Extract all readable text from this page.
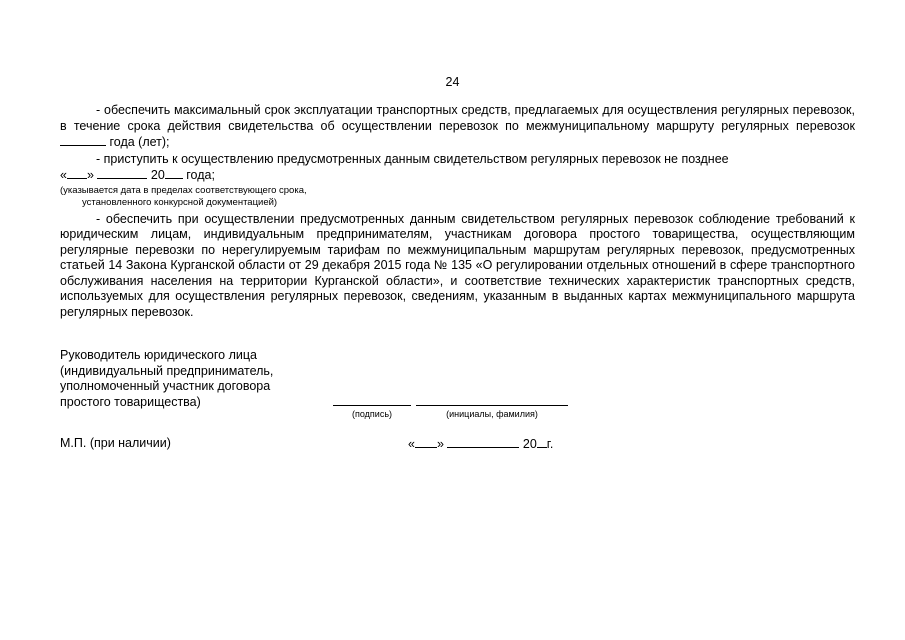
24

- обеспечить максимальный срок эксплуатации транспортных средств, предлагаемых для осуществления регулярных перевозок, в течение срока действия свидетельства об осуществлении перевозок по межмуниципальному маршруту регулярных перевозок  года (лет);

- приступить к осуществлению предусмотренных данным свидетельством регулярных перевозок не позднее

« »	20 года;
(указывается дата в пределах соответствующего срока,
установленного конкурсной документацией)

- обеспечить при осуществлении предусмотренных данным свидетельством регулярных перевозок соблюдение требований к юридическим лицам, индивидуальным предпринимателям, участникам договора простого товарищества, осуществляющим регулярные перевозки по нерегулируемым тарифам по межмуниципальным маршрутам регулярных перевозок, предусмотренных статьей 14 Закона Курганской области от 29 декабря 2015 года № 135 «О регулировании отдельных отношений в сфере транспортного обслуживания населения на территории Курганской области», и соответствие технических характеристик транспортных средств, используемых для осуществления регулярных перевозок, сведениям, указанным в выданных картах межмуниципального маршрута регулярных перевозок.

Руководитель юридического лица
(индивидуальный предприниматель,
уполномоченный участник договора
простого товарищества)
(подпись)	(инициалы, фамилия)
М.П. (при наличии)	« »	20 г.
